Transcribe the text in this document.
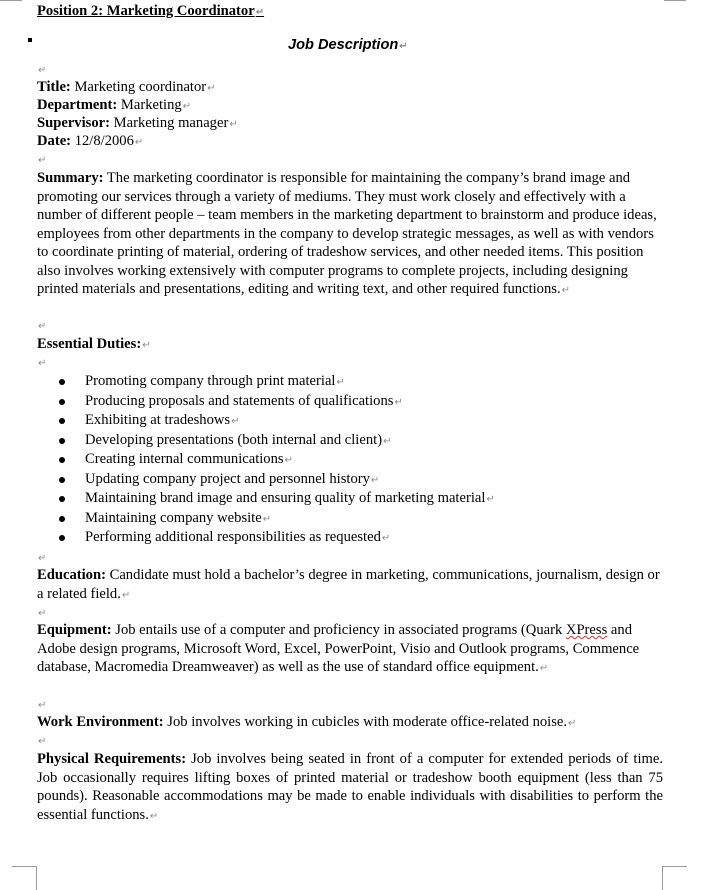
Position 2: Marketing Coordinator↵
Job Description↵
↵
Title: Marketing coordinator↵
Department: Marketing↵
Supervisor: Marketing manager↵
Date: 12/8/2006↵
↵
Summary: The marketing coordinator is responsible for maintaining the company’s brand image and promoting our services through a variety of mediums. They must work closely and effectively with a number of different people – team members in the marketing department to brainstorm and produce ideas, employees from other departments in the company to develop strategic messages, as well as with vendors to coordinate printing of material, ordering of tradeshow services, and other needed items. This position also involves working extensively with computer programs to complete projects, including designing printed materials and presentations, editing and writing text, and other required functions.↵
↵
Essential Duties:↵
↵
Promoting company through print material↵
Producing proposals and statements of qualifications↵
Exhibiting at tradeshows↵
Developing presentations (both internal and client)↵
Creating internal communications↵
Updating company project and personnel history↵
Maintaining brand image and ensuring quality of marketing material↵
Maintaining company website↵
Performing additional responsibilities as requested↵
↵
Education: Candidate must hold a bachelor’s degree in marketing, communications, journalism, design or a related field.↵
↵
Equipment: Job entails use of a computer and proficiency in associated programs (Quark XPress and Adobe design programs, Microsoft Word, Excel, PowerPoint, Visio and Outlook programs, Commence database, Macromedia Dreamweaver) as well as the use of standard office equipment.↵
↵
Work Environment: Job involves working in cubicles with moderate office-related noise.↵
↵
Physical Requirements: Job involves being seated in front of a computer for extended periods of time. Job occasionally requires lifting boxes of printed material or tradeshow booth equipment (less than 75 pounds). Reasonable accommodations may be made to enable individuals with disabilities to perform the essential functions.↵
